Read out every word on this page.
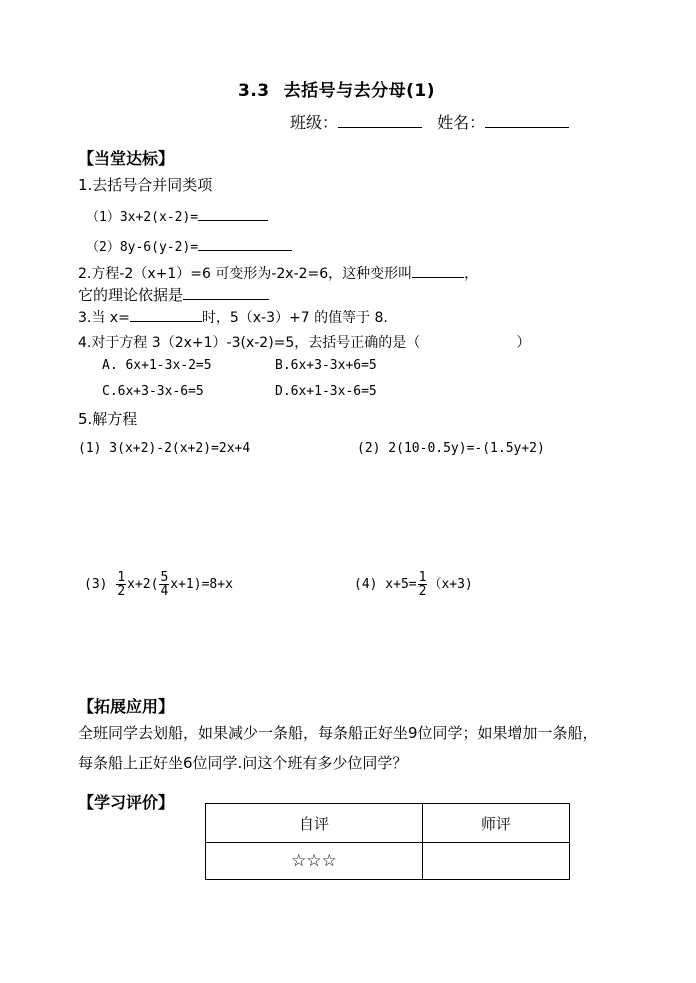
3.3 去括号与去分母(1)
班级：	姓名：
【当堂达标】
1.去括号合并同类项
（1）3x+2(x-2)=
（2）8y-6(y-2)=
2.方程-2（x+1）=6 可变形为-2x-2=6，这种变形叫	，
它的理论依据是
3.当 x=	时，5（x-3）+7 的值等于 8.
4.对于方程 3（2x+1）-3(x-2)=5，去括号正确的是（	）
A. 6x+1-3x-2=5	B.6x+3-3x+6=5
C.6x+3-3x-6=5	D.6x+1-3x-6=5
5.解方程
(1) 3(x+2)-2(x+2)=2x+4	(2) 2(10-0.5y)=-(1.5y+2)
$(3) \frac{1}{2} x+2( \frac{5}{4} x+1)=8+x$	(4) $x+5= \frac{1}{2} (x+3)$
【拓展应用】
全班同学去划船，如果减少一条船，每条船正好坐9位同学；如果增加一条船，
每条船上正好坐6位同学.问这个班有多少位同学？
【学习评价】
自评	师评
☆☆☆	
